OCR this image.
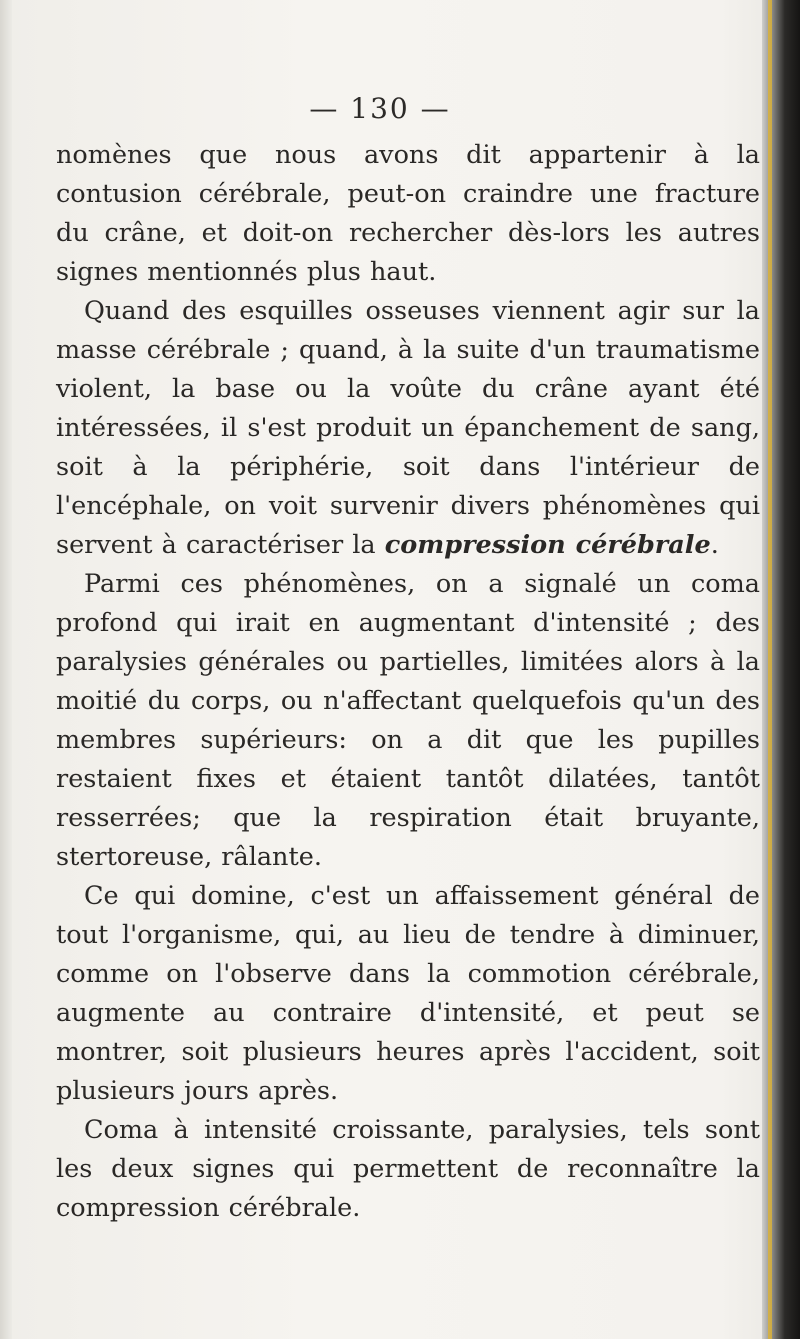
— 130 —

nomènes que nous avons dit appartenir à la contusion cérébrale, peut-on craindre une fracture du crâne, et doit-on rechercher dès-lors les autres signes mentionnés plus haut.

Quand des esquilles osseuses viennent agir sur la masse cérébrale ; quand, à la suite d'un traumatisme violent, la base ou la voûte du crâne ayant été intéressées, il s'est produit un épanchement de sang, soit à la périphérie, soit dans l'intérieur de l'encéphale, on voit survenir divers phénomènes qui servent à caractériser la compression cérébrale.

Parmi ces phénomènes, on a signalé un coma profond qui irait en augmentant d'intensité ; des paralysies générales ou partielles, limitées alors à la moitié du corps, ou n'affectant quelquefois qu'un des membres supérieurs: on a dit que les pupilles restaient fixes et étaient tantôt dilatées, tantôt resserrées; que la respiration était bruyante, stertoreuse, râlante.

Ce qui domine, c'est un affaissement général de tout l'organisme, qui, au lieu de tendre à diminuer, comme on l'observe dans la commotion cérébrale, augmente au contraire d'intensité, et peut se montrer, soit plusieurs heures après l'accident, soit plusieurs jours après.

Coma à intensité croissante, paralysies, tels sont les deux signes qui permettent de reconnaître la compression cérébrale.
